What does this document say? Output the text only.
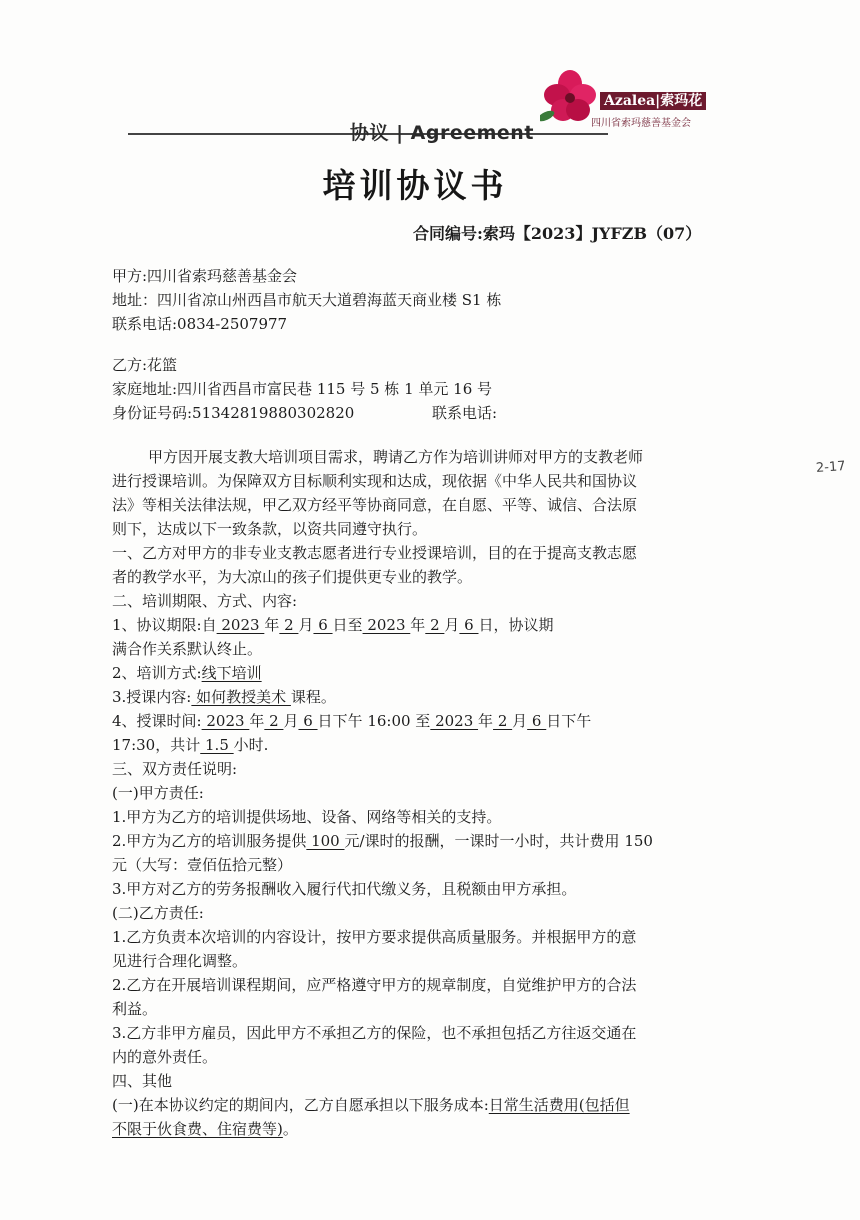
协议 | Agreement
Azalea|索玛花
四川省索玛慈善基金会
培训协议书
合同编号:索玛【2023】JYFZB（07）
甲方:四川省索玛慈善基金会
地址：四川省凉山州西昌市航天大道碧海蓝天商业楼 S1 栋
联系电话:0834-2507977
乙方:花篮
家庭地址:四川省西昌市富民巷 115 号 5 栋 1 单元 16 号
身份证号码:51342819880302820	联系电话:
甲方因开展支教大培训项目需求，聘请乙方作为培训讲师对甲方的支教老师
进行授课培训。为保障双方目标顺利实现和达成，现依据《中华人民共和国协议
法》等相关法律法规，甲乙双方经平等协商同意，在自愿、平等、诚信、合法原
则下，达成以下一致条款，以资共同遵守执行。
一、乙方对甲方的非专业支教志愿者进行专业授课培训，目的在于提高支教志愿
者的教学水平，为大凉山的孩子们提供更专业的教学。
二、培训期限、方式、内容:
1、协议期限:自 2023 年 2 月 6 日至 2023 年 2 月 6 日，协议期
满合作关系默认终止。
2、培训方式:线下培训
3.授课内容: 如何教授美术 课程。
4、授课时间: 2023 年 2 月 6 日下午 16:00 至 2023 年 2 月 6 日下午
17:30，共计 1.5 小时.
三、双方责任说明:
(一)甲方责任:
1.甲方为乙方的培训提供场地、设备、网络等相关的支持。
2.甲方为乙方的培训服务提供 100 元/课时的报酬，一课时一小时，共计费用 150
元（大写：壹佰伍拾元整）
3.甲方对乙方的劳务报酬收入履行代扣代缴义务，且税额由甲方承担。
(二)乙方责任:
1.乙方负责本次培训的内容设计，按甲方要求提供高质量服务。并根据甲方的意
见进行合理化调整。
2.乙方在开展培训课程期间，应严格遵守甲方的规章制度，自觉维护甲方的合法
利益。
3.乙方非甲方雇员，因此甲方不承担乙方的保险，也不承担包括乙方往返交通在
内的意外责任。
四、其他
(一)在本协议约定的期间内，乙方自愿承担以下服务成本:日常生活费用(包括但
不限于伙食费、住宿费等)。
2-17
